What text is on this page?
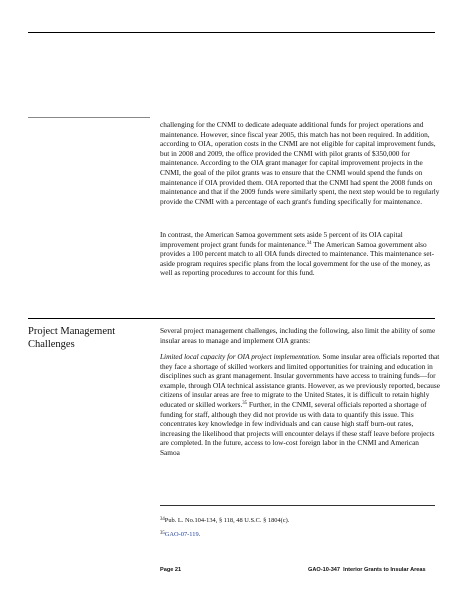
challenging for the CNMI to dedicate adequate additional funds for project operations and maintenance. However, since fiscal year 2005, this match has not been required. In addition, according to OIA, operation costs in the CNMI are not eligible for capital improvement funds, but in 2008 and 2009, the office provided the CNMI with pilot grants of $350,000 for maintenance. According to the OIA grant manager for capital improvement projects in the CNMI, the goal of the pilot grants was to ensure that the CNMI would spend the funds on maintenance if OIA provided them. OIA reported that the CNMI had spent the 2008 funds on maintenance and that if the 2009 funds were similarly spent, the next step would be to regularly provide the CNMI with a percentage of each grant's funding specifically for maintenance.

In contrast, the American Samoa government sets aside 5 percent of its OIA capital improvement project grant funds for maintenance.$^{34}$ The American Samoa government also provides a 100 percent match to all OIA funds directed to maintenance. This maintenance set-aside program requires specific plans from the local government for the use of the money, as well as reporting procedures to account for this fund.

Project Management Challenges

Several project management challenges, including the following, also limit the ability of some insular areas to manage and implement OIA grants:

Limited local capacity for OIA project implementation. Some insular area officials reported that they face a shortage of skilled workers and limited opportunities for training and education in disciplines such as grant management. Insular governments have access to training funds—for example, through OIA technical assistance grants. However, as we previously reported, because citizens of insular areas are free to migrate to the United States, it is difficult to retain highly educated or skilled workers.$^{35}$ Further, in the CNMI, several officials reported a shortage of funding for staff, although they did not provide us with data to quantify this issue. This concentrates key knowledge in few individuals and can cause high staff burn-out rates, increasing the likelihood that projects will encounter delays if these staff leave before projects are completed. In the future, access to low-cost foreign labor in the CNMI and American Samoa

$^{34}$Pub. L. No.104-134, § 118, 48 U.S.C. § 1804(c).
$^{35}$GAO-07-119.
Page 21	GAO-10-347 Interior Grants to Insular Areas
